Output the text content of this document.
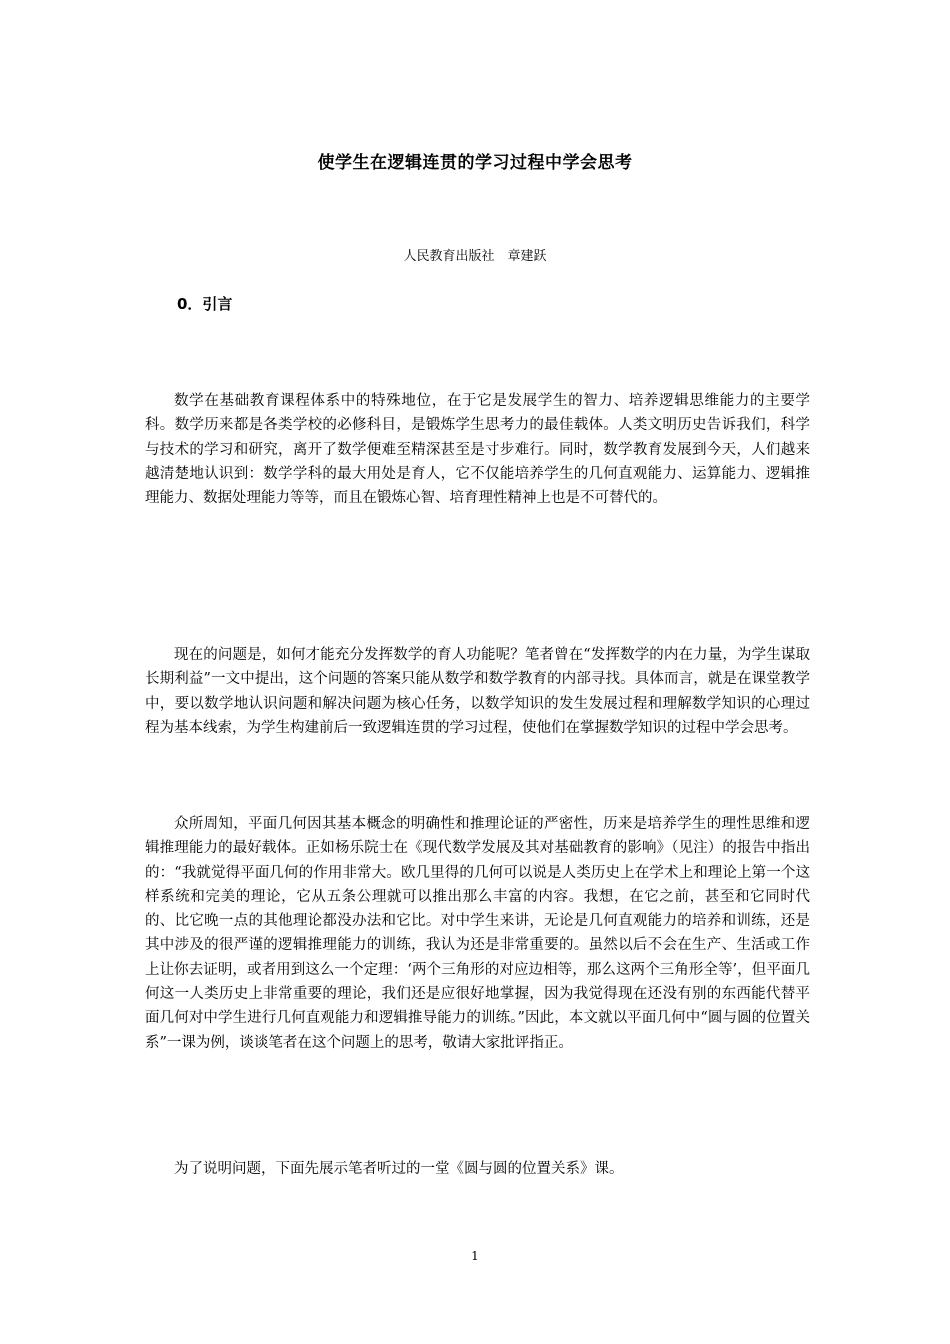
使学生在逻辑连贯的学习过程中学会思考
人民教育出版社　章建跃
0．引言

数学在基础教育课程体系中的特殊地位，在于它是发展学生的智力、培养逻辑思维能力的主要学科。数学历来都是各类学校的必修科目，是锻炼学生思考力的最佳载体。人类文明历史告诉我们，科学与技术的学习和研究，离开了数学便难至精深甚至是寸步难行。同时，数学教育发展到今天，人们越来越清楚地认识到：数学学科的最大用处是育人，它不仅能培养学生的几何直观能力、运算能力、逻辑推理能力、数据处理能力等等，而且在锻炼心智、培育理性精神上也是不可替代的。

现在的问题是，如何才能充分发挥数学的育人功能呢？笔者曾在“发挥数学的内在力量，为学生谋取长期利益”一文中提出，这个问题的答案只能从数学和数学教育的内部寻找。具体而言，就是在课堂教学中，要以数学地认识问题和解决问题为核心任务，以数学知识的发生发展过程和理解数学知识的心理过程为基本线索，为学生构建前后一致逻辑连贯的学习过程，使他们在掌握数学知识的过程中学会思考。

众所周知，平面几何因其基本概念的明确性和推理论证的严密性，历来是培养学生的理性思维和逻辑推理能力的最好载体。正如杨乐院士在《现代数学发展及其对基础教育的影响》（见注）的报告中指出的：“我就觉得平面几何的作用非常大。欧几里得的几何可以说是人类历史上在学术上和理论上第一个这样系统和完美的理论，它从五条公理就可以推出那么丰富的内容。我想，在它之前，甚至和它同时代的、比它晚一点的其他理论都没办法和它比。对中学生来讲，无论是几何直观能力的培养和训练，还是其中涉及的很严谨的逻辑推理能力的训练，我认为还是非常重要的。虽然以后不会在生产、生活或工作上让你去证明，或者用到这么一个定理：‘两个三角形的对应边相等，那么这两个三角形全等’，但平面几何这一人类历史上非常重要的理论，我们还是应很好地掌握，因为我觉得现在还没有别的东西能代替平面几何对中学生进行几何直观能力和逻辑推导能力的训练。”因此，本文就以平面几何中“圆与圆的位置关系”一课为例，谈谈笔者在这个问题上的思考，敬请大家批评指正。

为了说明问题，下面先展示笔者听过的一堂《圆与圆的位置关系》课。

1
